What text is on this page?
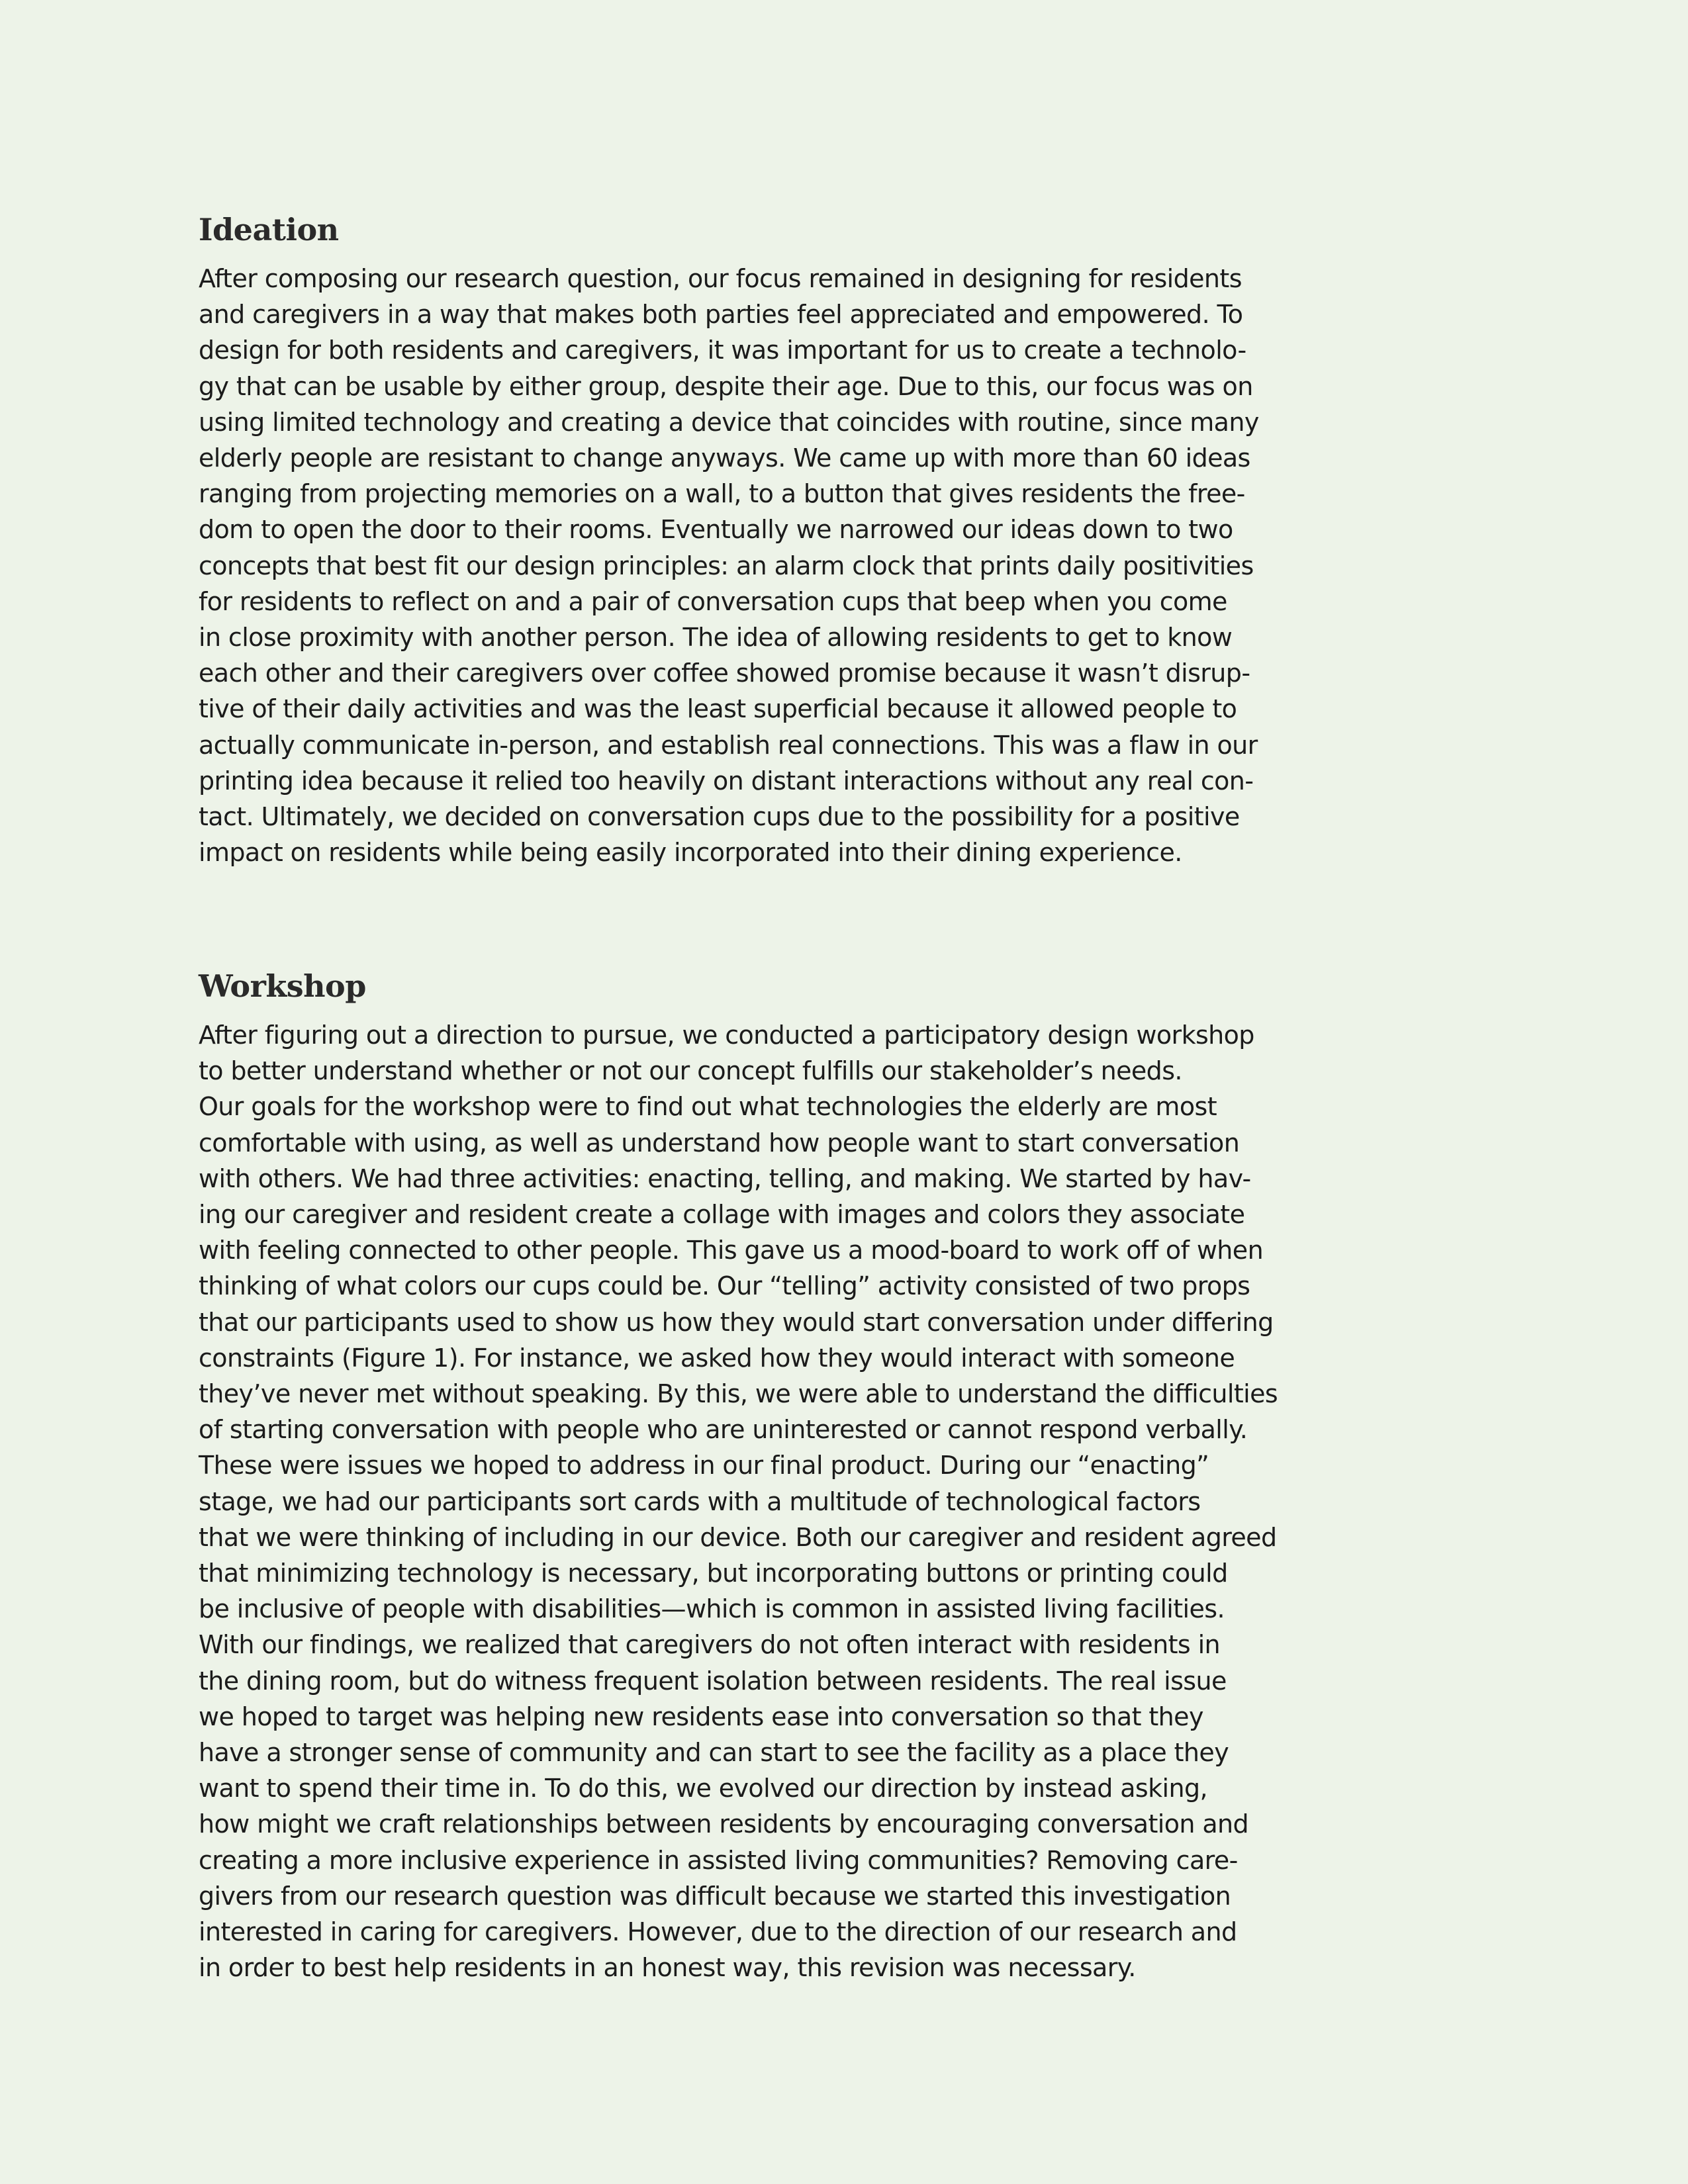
Ideation
After composing our research question, our focus remained in designing for residents
and caregivers in a way that makes both parties feel appreciated and empowered. To
design for both residents and caregivers, it was important for us to create a technolo-
gy that can be usable by either group, despite their age. Due to this, our focus was on
using limited technology and creating a device that coincides with routine, since many
elderly people are resistant to change anyways. We came up with more than 60 ideas
ranging from projecting memories on a wall, to a button that gives residents the free-
dom to open the door to their rooms. Eventually we narrowed our ideas down to two
concepts that best fit our design principles: an alarm clock that prints daily positivities
for residents to reflect on and a pair of conversation cups that beep when you come
in close proximity with another person. The idea of allowing residents to get to know
each other and their caregivers over coffee showed promise because it wasn’t disrup-
tive of their daily activities and was the least superficial because it allowed people to
actually communicate in-person, and establish real connections. This was a flaw in our
printing idea because it relied too heavily on distant interactions without any real con-
tact. Ultimately, we decided on conversation cups due to the possibility for a positive
impact on residents while being easily incorporated into their dining experience.
Workshop
After figuring out a direction to pursue, we conducted a participatory design workshop
to better understand whether or not our concept fulfills our stakeholder’s needs.
Our goals for the workshop were to find out what technologies the elderly are most
comfortable with using, as well as understand how people want to start conversation
with others. We had three activities: enacting, telling, and making. We started by hav-
ing our caregiver and resident create a collage with images and colors they associate
with feeling connected to other people. This gave us a mood-board to work off of when
thinking of what colors our cups could be. Our “telling” activity consisted of two props
that our participants used to show us how they would start conversation under differing
constraints (Figure 1). For instance, we asked how they would interact with someone
they’ve never met without speaking. By this, we were able to understand the difficulties
of starting conversation with people who are uninterested or cannot respond verbally.
These were issues we hoped to address in our final product. During our “enacting”
stage, we had our participants sort cards with a multitude of technological factors
that we were thinking of including in our device. Both our caregiver and resident agreed
that minimizing technology is necessary, but incorporating buttons or printing could
be inclusive of people with disabilities—which is common in assisted living facilities.
With our findings, we realized that caregivers do not often interact with residents in
the dining room, but do witness frequent isolation between residents. The real issue
we hoped to target was helping new residents ease into conversation so that they
have a stronger sense of community and can start to see the facility as a place they
want to spend their time in. To do this, we evolved our direction by instead asking,
how might we craft relationships between residents by encouraging conversation and
creating a more inclusive experience in assisted living communities? Removing care-
givers from our research question was difficult because we started this investigation
interested in caring for caregivers. However, due to the direction of our research and
in order to best help residents in an honest way, this revision was necessary.
